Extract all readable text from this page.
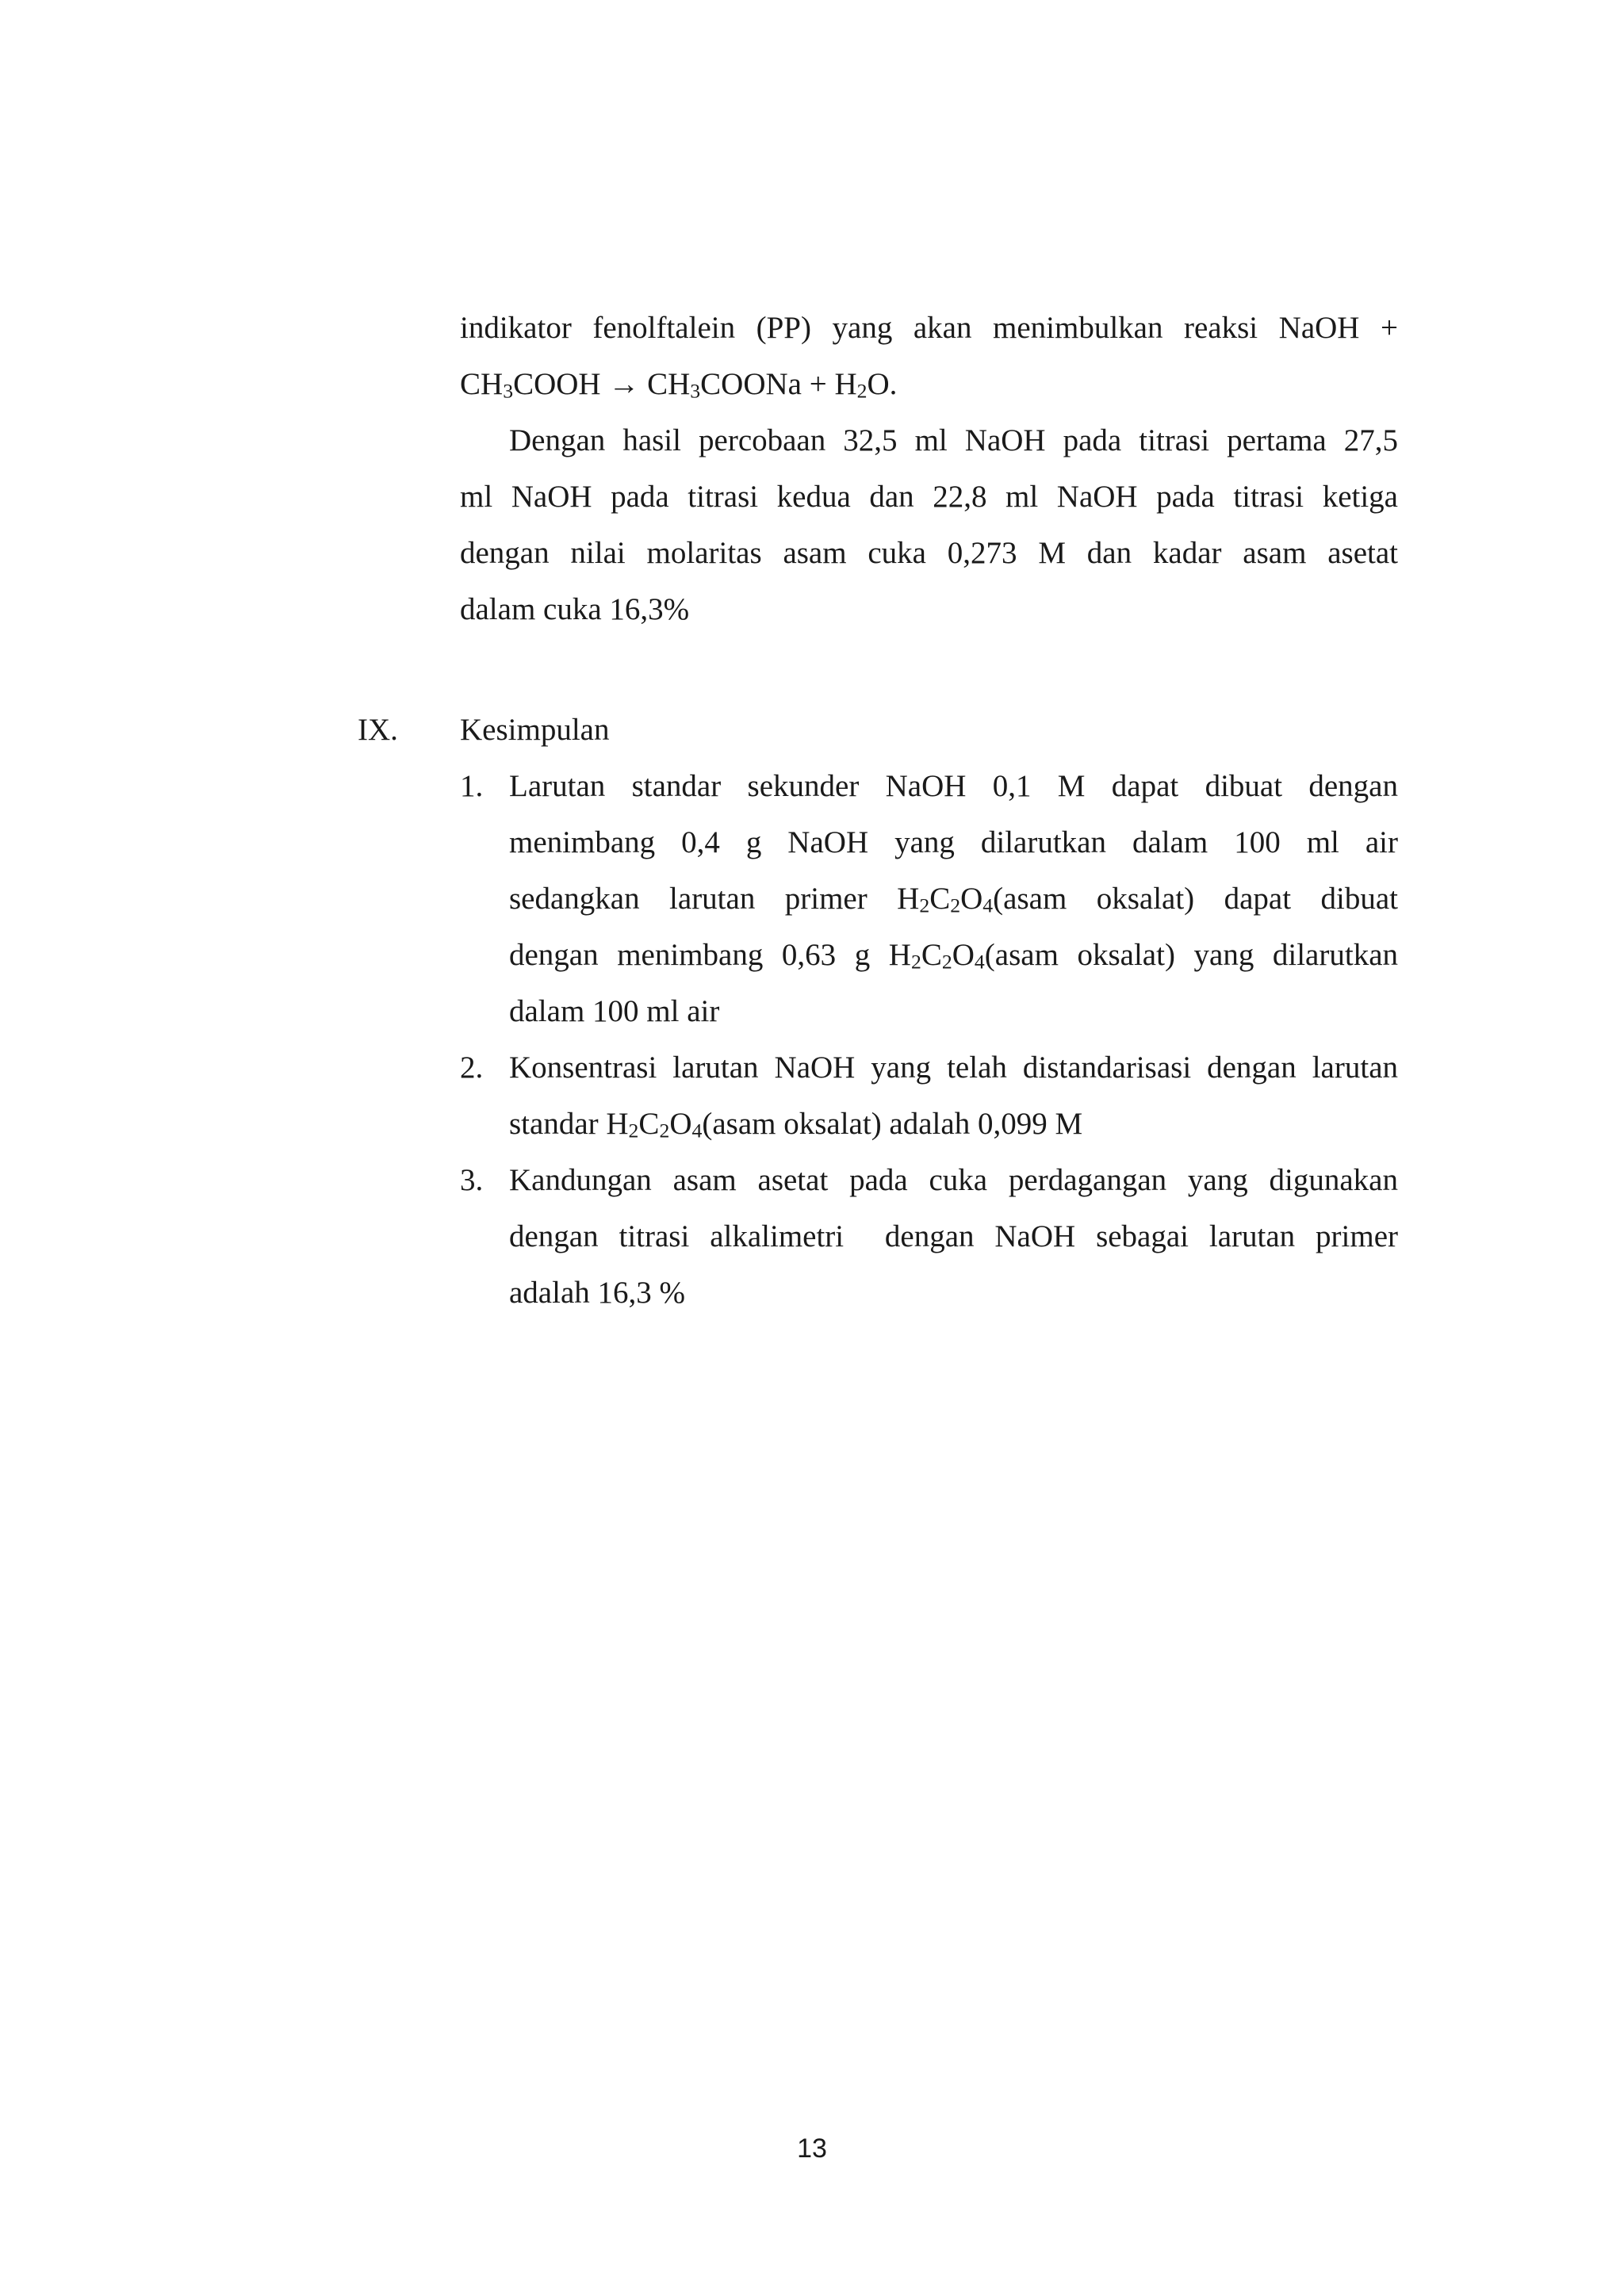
indikator fenolftalein (PP) yang akan menimbulkan reaksi NaOH +
$CH_3COOH$ → $CH_3COONa + H_2O$.
Dengan hasil percobaan 32,5 ml NaOH pada titrasi pertama 27,5
ml NaOH pada titrasi kedua dan 22,8 ml NaOH pada titrasi ketiga
dengan nilai molaritas asam cuka 0,273 M dan kadar asam asetat
dalam cuka 16,3%
IX. Kesimpulan
1. Larutan standar sekunder NaOH 0,1 M dapat dibuat dengan
menimbang 0,4 g NaOH yang dilarutkan dalam 100 ml air
sedangkan larutan primer $H_2C_2O_4(asam$ oksalat) dapat dibuat
dengan menimbang 0,63 g $H_2C_2O_4(asam$ oksalat) yang dilarutkan
dalam 100 ml air
2. Konsentrasi larutan NaOH yang telah distandarisasi dengan larutan
standar $H_2C_2O_4(asam$ oksalat) adalah 0,099 M
3. Kandungan asam asetat pada cuka perdagangan yang digunakan
dengan titrasi alkalimetri  dengan NaOH sebagai larutan primer
adalah 16,3 %
13
